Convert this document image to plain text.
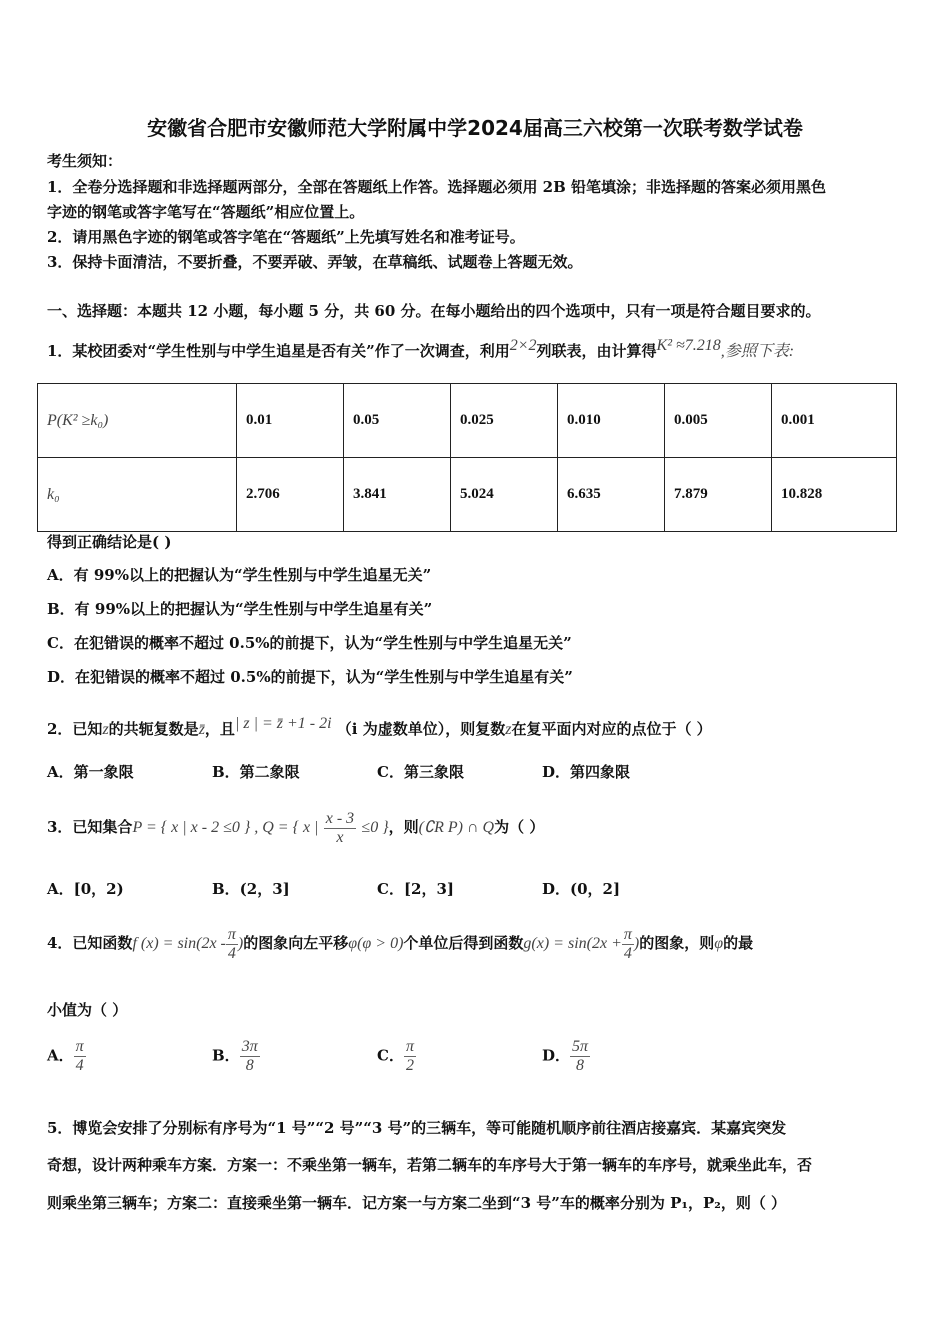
安徽省合肥市安徽师范大学附属中学2024届高三六校第一次联考数学试卷
考生须知：
1．全卷分选择题和非选择题两部分，全部在答题纸上作答。选择题必须用 2B 铅笔填涂；非选择题的答案必须用黑色
字迹的钢笔或答字笔写在“答题纸”相应位置上。
2．请用黑色字迹的钢笔或答字笔在“答题纸”上先填写姓名和准考证号。
3．保持卡面清洁，不要折叠，不要弄破、弄皱，在草稿纸、试题卷上答题无效。
一、选择题：本题共 12 小题，每小题 5 分，共 60 分。在每小题给出的四个选项中，只有一项是符合题目要求的。
1．某校团委对“学生性别与中学生追星是否有关”作了一次调查，利用$^{2\times 2}$列联表，由计算得$^{K^2 \approx 7.218}$,参照下表:
P(K² ≥k₀)	0.01	0.05	0.025	0.010	0.005	0.001
k₀	2.706	3.841	5.024	6.635	7.879	10.828
得到正确结论是( )
A．有 99%以上的把握认为“学生性别与中学生追星无关”
B．有 99%以上的把握认为“学生性别与中学生追星有关”
C．在犯错误的概率不超过 0.5%的前提下，认为“学生性别与中学生追星无关”
D．在犯错误的概率不超过 0.5%的前提下，认为“学生性别与中学生追星有关”
2．已知z的共轭复数是z̄，且$^{| z | = z̄ +1 - 2i}$ （i 为虚数单位），则复数z在复平面内对应的点位于（ ）
A．第一象限	B．第二象限	C．第三象限	D．第四象限
3．已知集合P = { x | x - 2 ≤0 } , Q = { x | $\frac{x - 3}{x} \le 0$ }，则(∁R P) ∩ Q为（ ）
A．[0，2)	B．(2，3]	C．[2，3]	D．(0，2]
4．已知函数f $(x) = \sin(2x - \frac{\pi}{4}$ )的图象向左平移φ(φ > 0)个单位后得到函数$g(x) = \sin(2x + \frac{\pi}{4}$ )的图象，则φ的最
小值为（ ）
A． $\frac{\pi}{4}$	B． $\frac{3\pi}{8}$	C． $\frac{\pi}{2}$	D． $\frac{5\pi}{8}$
5．博览会安排了分别标有序号为“1 号”“2 号”“3 号”的三辆车，等可能随机顺序前往酒店接嘉宾．某嘉宾突发
奇想，设计两种乘车方案．方案一：不乘坐第一辆车，若第二辆车的车序号大于第一辆车的车序号，就乘坐此车，否
则乘坐第三辆车；方案二：直接乘坐第一辆车．记方案一与方案二坐到“3 号”车的概率分别为 P₁，P₂，则（ ）
